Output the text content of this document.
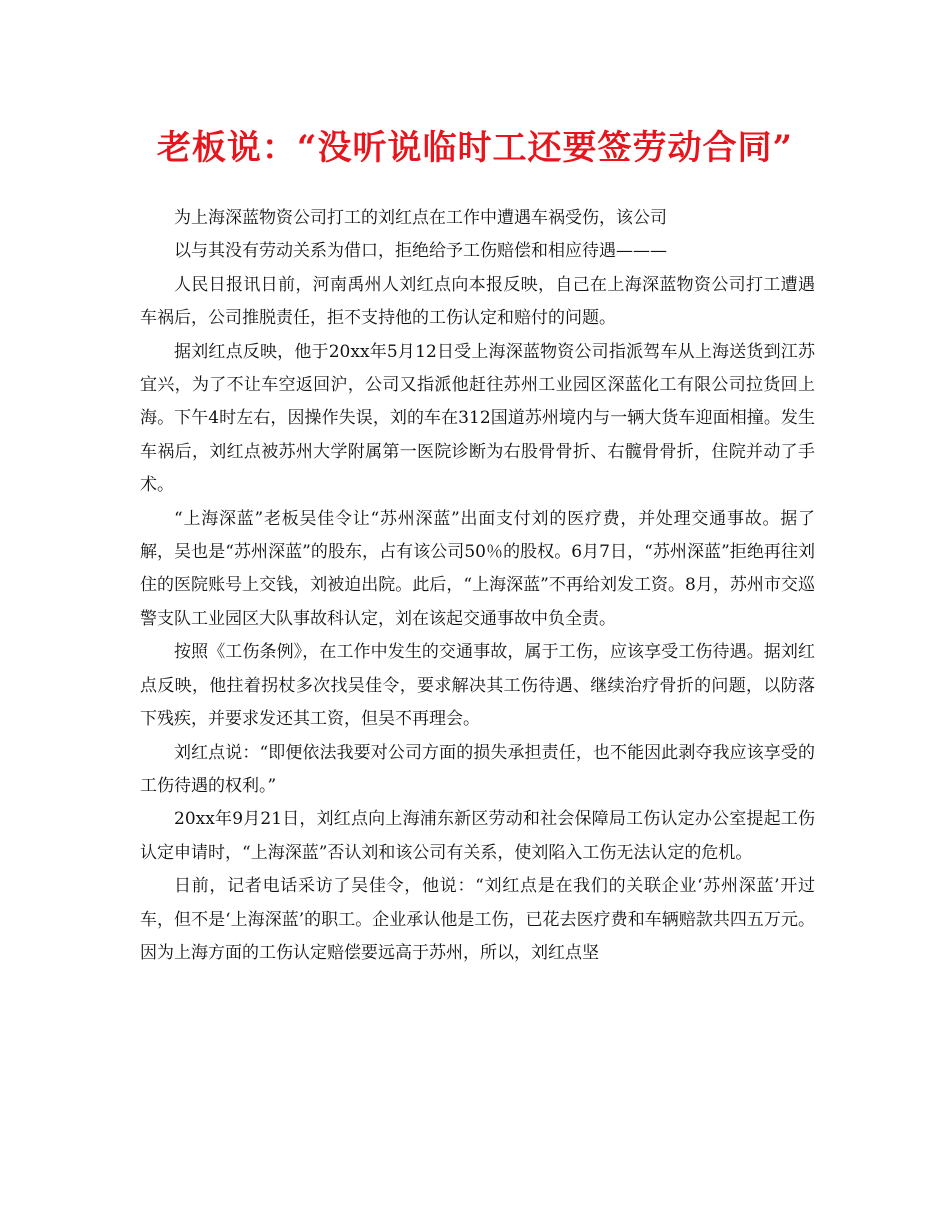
老板说：“没听说临时工还要签劳动合同”

为上海深蓝物资公司打工的刘红点在工作中遭遇车祸受伤，该公司

以与其没有劳动关系为借口，拒绝给予工伤赔偿和相应待遇———

人民日报讯日前，河南禹州人刘红点向本报反映，自己在上海深蓝物资公司打工遭遇车祸后，公司推脱责任，拒不支持他的工伤认定和赔付的问题。

据刘红点反映，他于20xx年5月12日受上海深蓝物资公司指派驾车从上海送货到江苏宜兴，为了不让车空返回沪，公司又指派他赶往苏州工业园区深蓝化工有限公司拉货回上海。下午4时左右，因操作失误，刘的车在312国道苏州境内与一辆大货车迎面相撞。发生车祸后，刘红点被苏州大学附属第一医院诊断为右股骨骨折、右髋骨骨折，住院并动了手术。

“上海深蓝”老板吴佳令让“苏州深蓝”出面支付刘的医疗费，并处理交通事故。据了解，吴也是“苏州深蓝”的股东，占有该公司50％的股权。6月7日，“苏州深蓝”拒绝再往刘住的医院账号上交钱，刘被迫出院。此后，“上海深蓝”不再给刘发工资。8月，苏州市交巡警支队工业园区大队事故科认定，刘在该起交通事故中负全责。

按照《工伤条例》，在工作中发生的交通事故，属于工伤，应该享受工伤待遇。据刘红点反映，他拄着拐杖多次找吴佳令，要求解决其工伤待遇、继续治疗骨折的问题，以防落下残疾，并要求发还其工资，但吴不再理会。

刘红点说：“即便依法我要对公司方面的损失承担责任，也不能因此剥夺我应该享受的工伤待遇的权利。”

20xx年9月21日，刘红点向上海浦东新区劳动和社会保障局工伤认定办公室提起工伤认定申请时，“上海深蓝”否认刘和该公司有关系，使刘陷入工伤无法认定的危机。

日前，记者电话采访了吴佳令，他说：“刘红点是在我们的关联企业‘苏州深蓝’开过车，但不是‘上海深蓝’的职工。企业承认他是工伤，已花去医疗费和车辆赔款共四五万元。因为上海方面的工伤认定赔偿要远高于苏州，所以，刘红点坚
